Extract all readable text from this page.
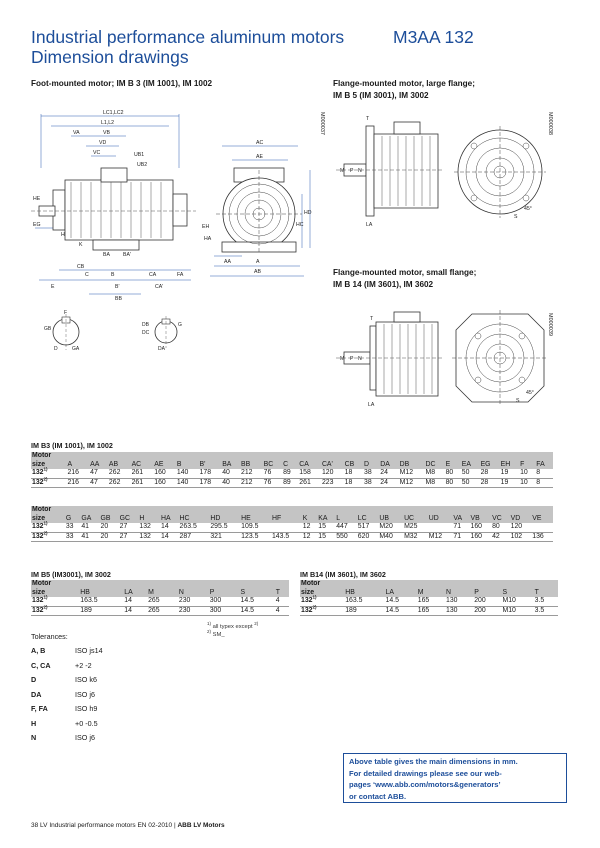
Industrial performance aluminum motors	M3AA 132
Dimension drawings
Foot-mounted motor; IM B 3 (IM 1001), IM 1002	Flange-mounted motor, large flange;
IM B 5 (IM 3001), IM 3002
Flange-mounted motor, small flange;
IM B 14 (IM 3601), IM 3602
M000037	M000038
M000039
LC1,LC2
L1,L2
VA	VB
VD
VC	UB1
UB2
HE
EG
H
K
BA	BA'
CB
C	B	CA	FA
E	B'	CA'
BB
AC
AE
HD
HC
EH
HA
AA	A
AB
F
GB
GA
D
DB
DC
G
DA
T
M P N
LA
S
45°
T
M P N
LA
S
45°
IM B3 (IM 1001), IM 1002
Motor																								
size	A	AA	AB	AC	AE	B	B'	BA	BB	BC	C	CA	CA'	CB	D	DA	DB	DC	E	EA	EG	EH	F	FA
132$^{1)}$	216	47	262	261	160	140	178	40	212	76	89	158	120	18	38	24	M12	M8	80	50	28	19	10	8
132$^{2)}$	216	47	262	261	160	140	178	40	212	76	89	261	223	18	38	24	M12	M8	80	50	28	19	10	8
Motor																						
size	G	GA	GB	GC	H	HA	HC	HD	HE	HF	K	KA	L	LC	UB	UC	UD	VA	VB	VC	VD	VE
132$^{1)}$	33	41	20	27	132	14	263.5	295.5	109.5		12	15	447	517	M20	M25		71	160	80	120	
132$^{2)}$	33	41	20	27	132	14	287	321	123.5	143.5	12	15	550	620	M40	M32	M12	71	160	42	102	136
IM B5 (IM3001), IM 3002
Motor							
size	HB	LA	M	N	P	S	T
132$^{1)}$	163.5	14	265	230	300	14.5	4
132$^{2)}$	189	14	265	230	300	14.5	4
IM B14 (IM 3601), IM 3602
Motor							
size	HB	LA	M	N	P	S	T
132$^{1)}$	163.5	14.5	165	130	200	M10	3.5
132$^{2)}$	189	14.5	165	130	200	M10	3.5
$^{1)}$ all typex except $^{2)}$
$^{2)}$ SM_
Tolerances:
A, B	ISO js14
C, CA	+2 -2
D	ISO k6
DA	ISO j6
F, FA	ISO h9
H	+0 -0.5
N	ISO j6
Above table gives the main dimensions in mm.
For detailed drawings please see our web-
pages ‘www.abb.com/motors&generators’
or contact ABB.
38 LV Industrial performance motors EN 02-2010 | ABB LV Motors
